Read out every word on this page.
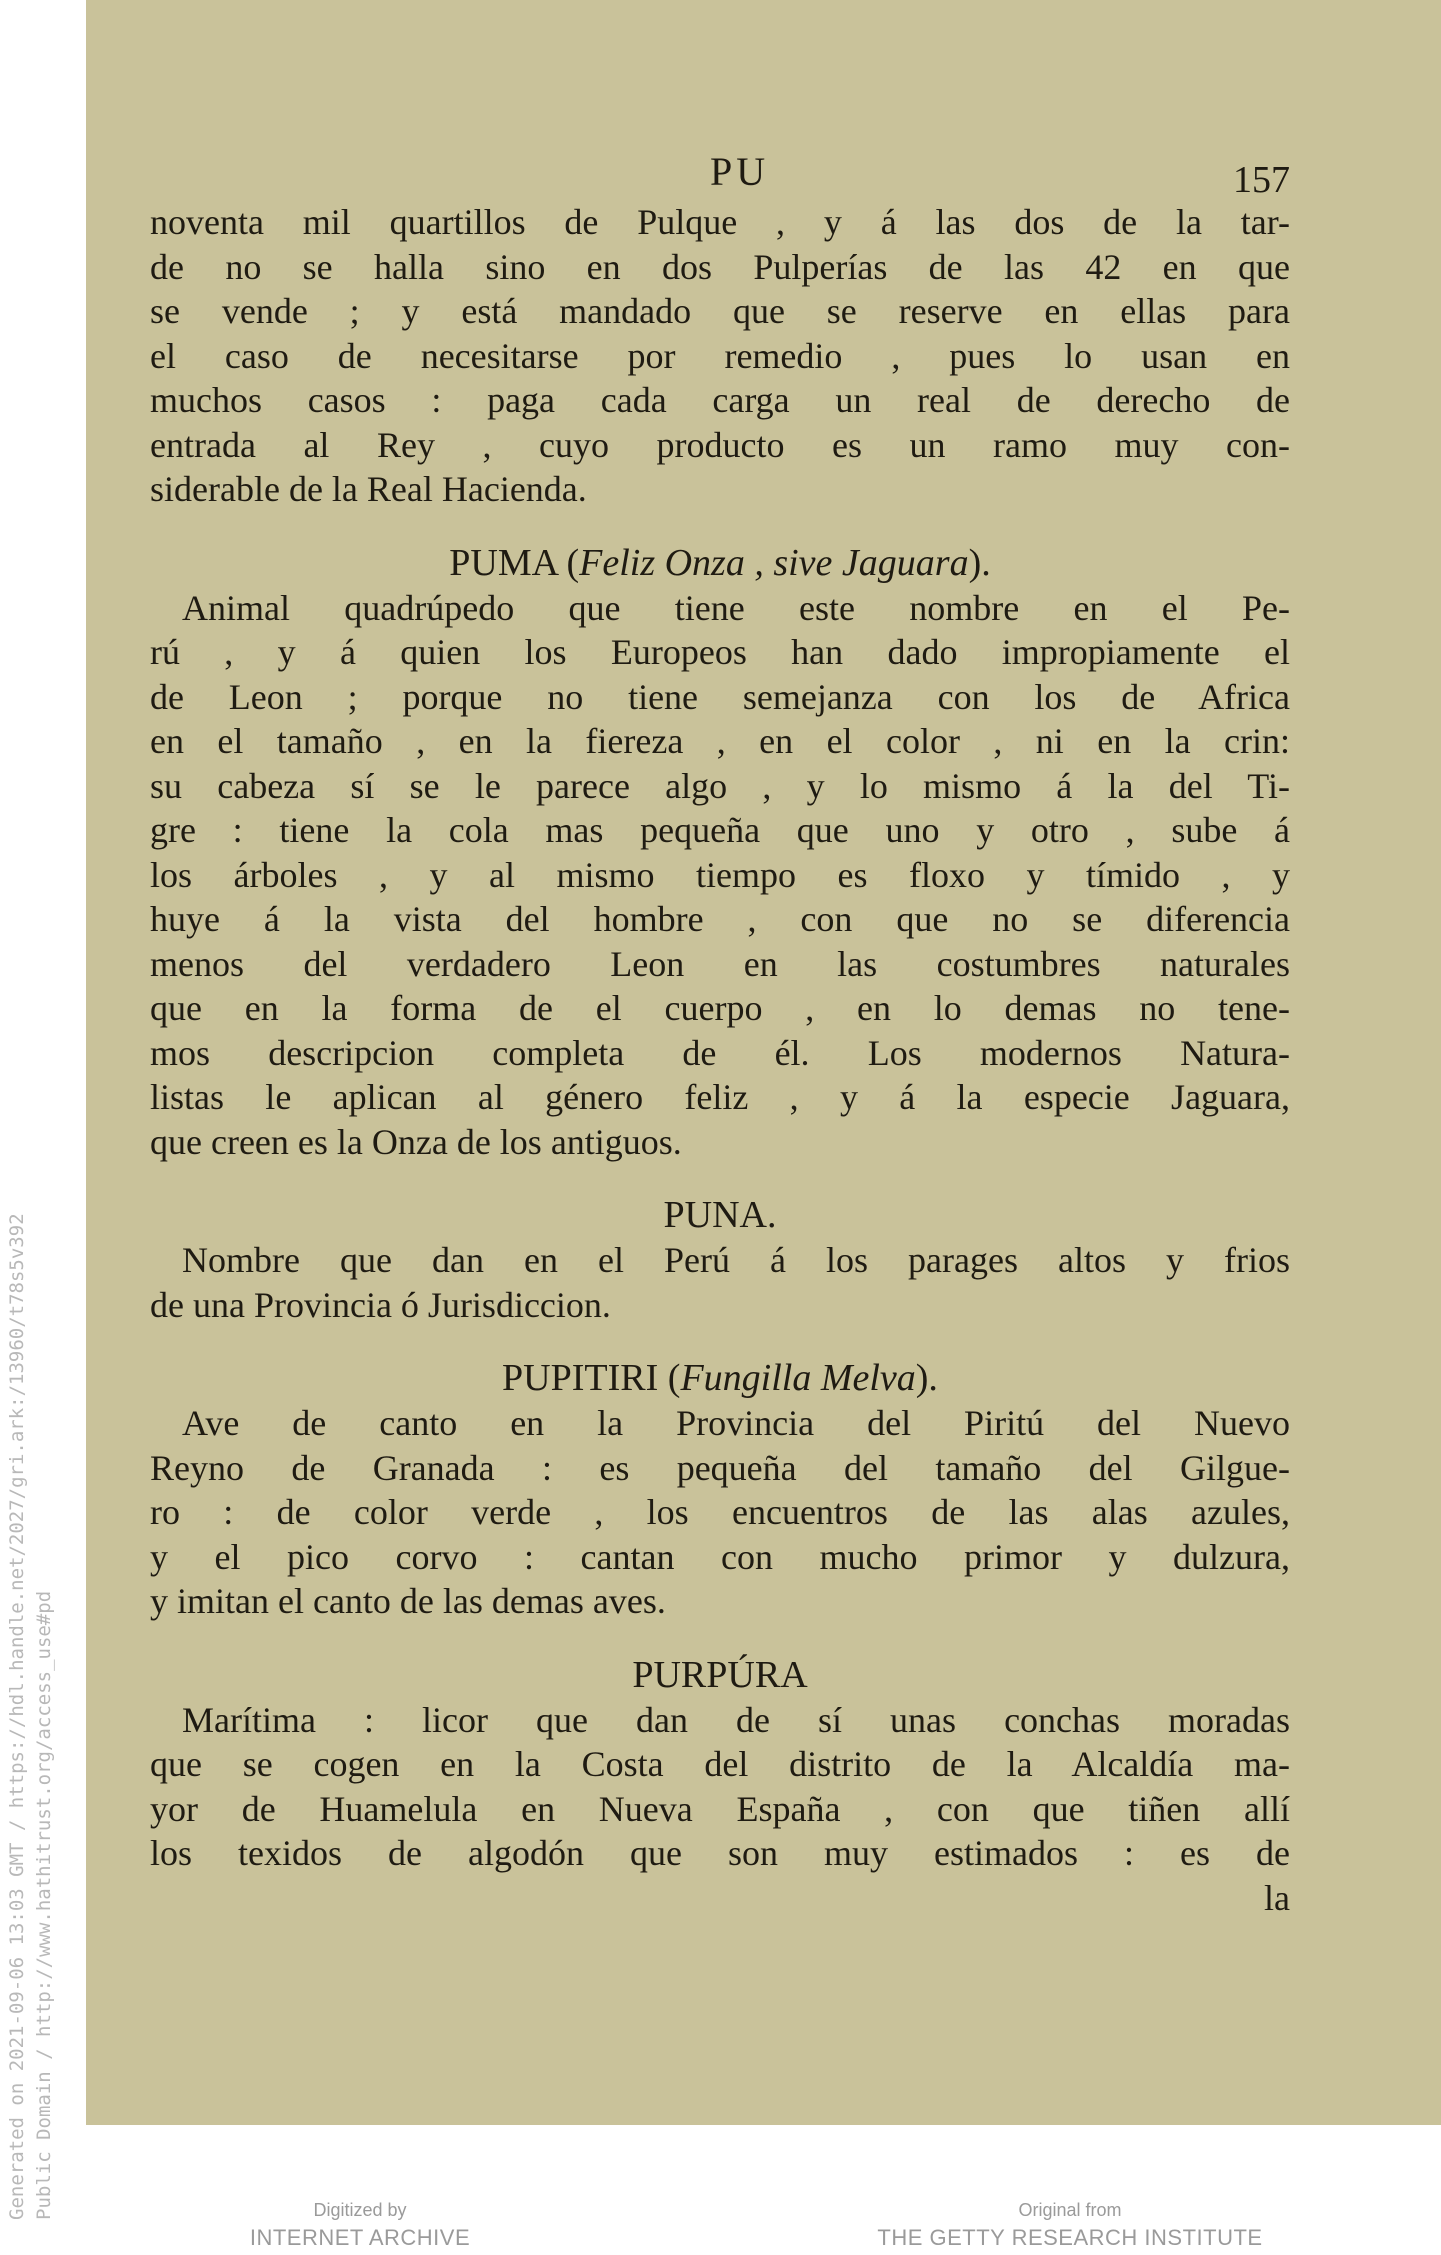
Generated on 2021-09-06 13:03 GMT / https://hdl.handle.net/2027/gri.ark:/13960/t78s5v392 Public Domain / http://www.hathitrust.org/access_use#pd
PU	157
noventa mil quartillos de Pulque , y á las dos de la tar-
de no se halla sino en dos Pulperías de las 42 en que
se vende ; y está mandado que se reserve en ellas para
el caso de necesitarse por remedio , pues lo usan en
muchos casos : paga cada carga un real de derecho de
entrada al Rey , cuyo producto es un ramo muy con-
siderable de la Real Hacienda.
PUMA (Feliz Onza , sive Jaguara).
Animal quadrúpedo que tiene este nombre en el Pe-
rú , y á quien los Europeos han dado impropiamente el
de Leon ; porque no tiene semejanza con los de Africa
en el tamaño , en la fiereza , en el color , ni en la crin:
su cabeza sí se le parece algo , y lo mismo á la del Ti-
gre : tiene la cola mas pequeña que uno y otro , sube á
los árboles , y al mismo tiempo es floxo y tímido , y
huye á la vista del hombre , con que no se diferencia
menos del verdadero Leon en las costumbres naturales
que en la forma de el cuerpo , en lo demas no tene-
mos descripcion completa de él. Los modernos Natura-
listas le aplican al género feliz , y á la especie Jaguara,
que creen es la Onza de los antiguos.
PUNA.
Nombre que dan en el Perú á los parages altos y frios
de una Provincia ó Jurisdiccion.
PUPITIRI (Fungilla Melva).
Ave de canto en la Provincia del Piritú del Nuevo
Reyno de Granada : es pequeña del tamaño del Gilgue-
ro : de color verde , los encuentros de las alas azules,
y el pico corvo : cantan con mucho primor y dulzura,
y imitan el canto de las demas aves.
PURPÚRA
Marítima : licor que dan de sí unas conchas moradas
que se cogen en la Costa del distrito de la Alcaldía ma-
yor de Huamelula en Nueva España , con que tiñen allí
los texidos de algodón que son muy estimados : es de
la
Digitized by
INTERNET ARCHIVE
Original from
THE GETTY RESEARCH INSTITUTE
